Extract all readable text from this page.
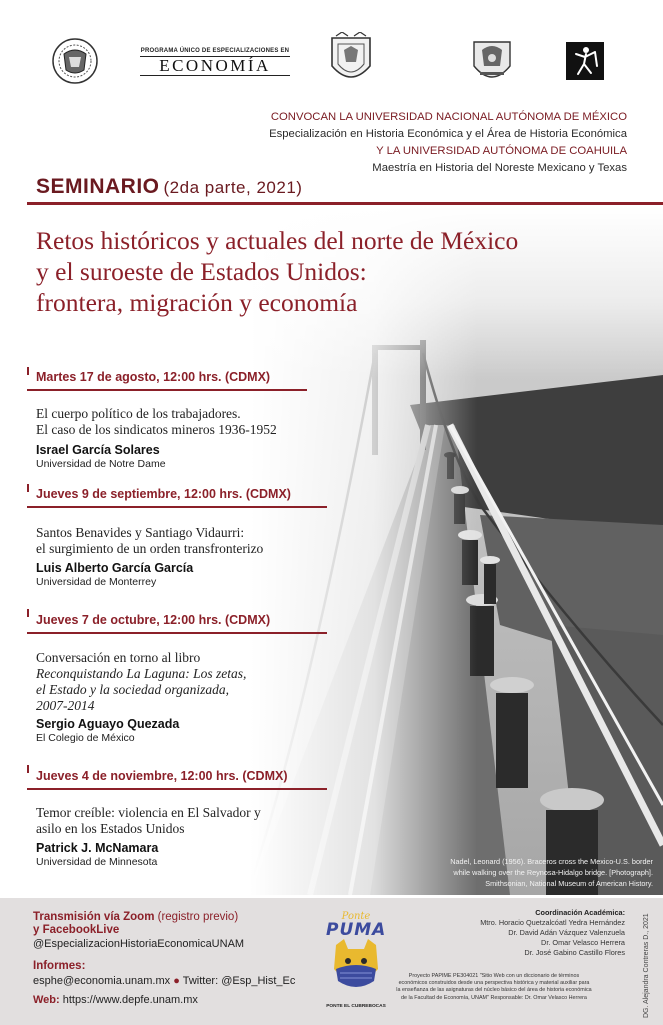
PROGRAMA ÚNICO DE ESPECIALIZACIONES EN
ECONOMÍA
CONVOCAN LA UNIVERSIDAD NACIONAL AUTÓNOMA DE MÉXICO
Especialización en Historia Económica y el Área de Historia Económica
Y LA UNIVERSIDAD AUTÓNOMA DE COAHUILA
Maestría en Historia del Noreste Mexicano y Texas
SEMINARIO (2da parte, 2021)
Retos históricos y actuales del norte de México
y el suroeste de Estados Unidos:
frontera, migración y economía
Martes 17 de agosto, 12:00 hrs. (CDMX)
El cuerpo político de los trabajadores.
El caso de los sindicatos mineros 1936-1952
Israel García Solares
Universidad de Notre Dame
Jueves 9 de septiembre, 12:00 hrs. (CDMX)
Santos Benavides y Santiago Vidaurri:
el surgimiento de un orden transfronterizo
Luis Alberto García García
Universidad de Monterrey
Jueves 7 de octubre, 12:00 hrs. (CDMX)
Conversación en torno al libro
Reconquistando La Laguna: Los zetas,
el Estado y la sociedad organizada,
2007-2014
Sergio Aguayo Quezada
El Colegio de México
Jueves 4 de noviembre, 12:00 hrs. (CDMX)
Temor creíble: violencia en El Salvador y
asilo en los Estados Unidos
Patrick J. McNamara
Universidad de Minnesota	Nadel, Leonard (1956). Braceros cross the Mexico-U.S. border
while walking over the Reynosa-Hidalgo bridge. [Photograph].
Smithsonian, National Museum of American History.
Transmisión vía Zoom (registro previo)
y FacebookLive
@EspecializacionHistoriaEconomicaUNAM
Informes:
esphe@economia.unam.mx ● Twitter: @Esp_Hist_Ec
Web: https://www.depfe.unam.mx
Ponte
PUMA
PONTE EL CUBREBOCAS
Coordinación Académica:
Mtro. Horacio Quetzalcóatl Yedra Hernández
Dr. David Adán Vázquez Valenzuela
Dr. Omar Velasco Herrera
Dr. José Gabino Castillo Flores
Proyecto PAPIME PE304021 "Sitio Web con un diccionario de términos
económicos construidos desde una perspectiva histórica y material auxiliar para
la enseñanza de las asignaturas del núcleo básico del área de historia económica
de la Facultad de Economía, UNAM" Responsable: Dr. Omar Velasco Herrera	DG. Alejandra Contreras D., 2021
